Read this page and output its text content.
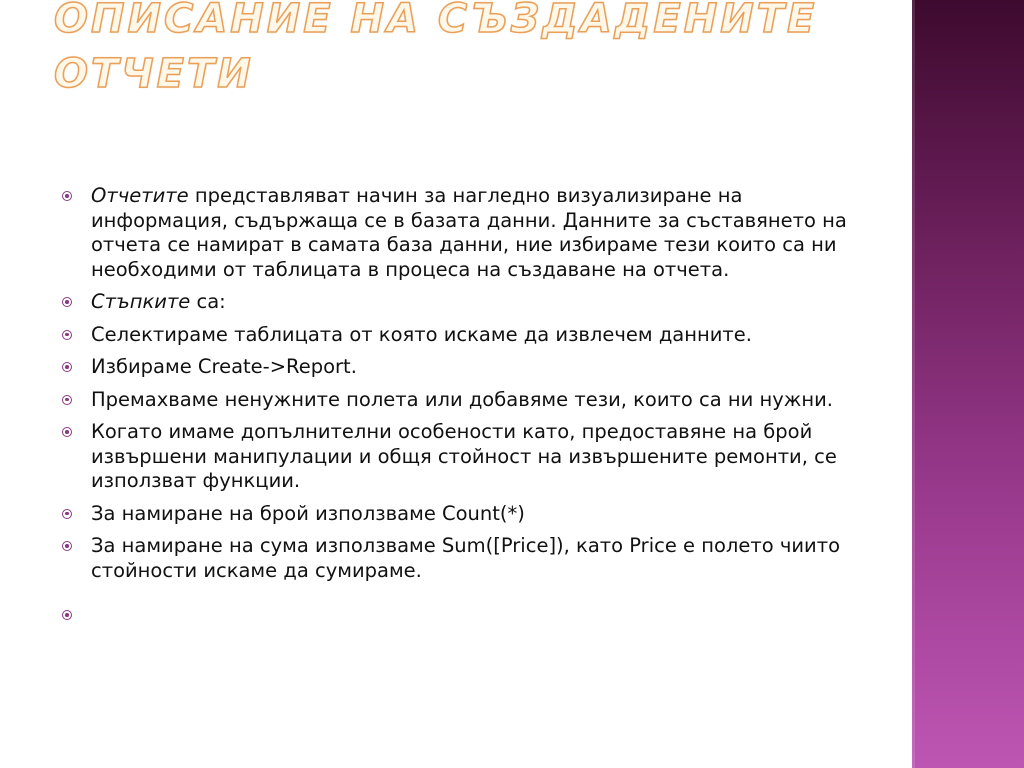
ОПИСАНИЕ НА СЪЗДАДЕНИТЕ
ОТЧЕТИ
Отчетите представляват начин за нагледно визуализиране на информация, съдържаща се в базата данни. Данните за съставянето на отчета се намират в самата база данни, ние избираме тези които са ни необходими от таблицата в процеса на създаване на отчета.
Стъпките са:
Селектираме таблицата от която искаме да извлечем данните.
Избираме Create->Report.
Премахваме ненужните полета или добавяме тези, които са ни нужни.
Когато имаме допълнителни особености като, предоставяне на брой извършени манипулации и общя стойност на извършените ремонти, се използват функции.
За намиране на брой използваме Count(*)
За намиране на сума използваме Sum([Price]), като Price е полето чиито стойности искаме да сумираме.
